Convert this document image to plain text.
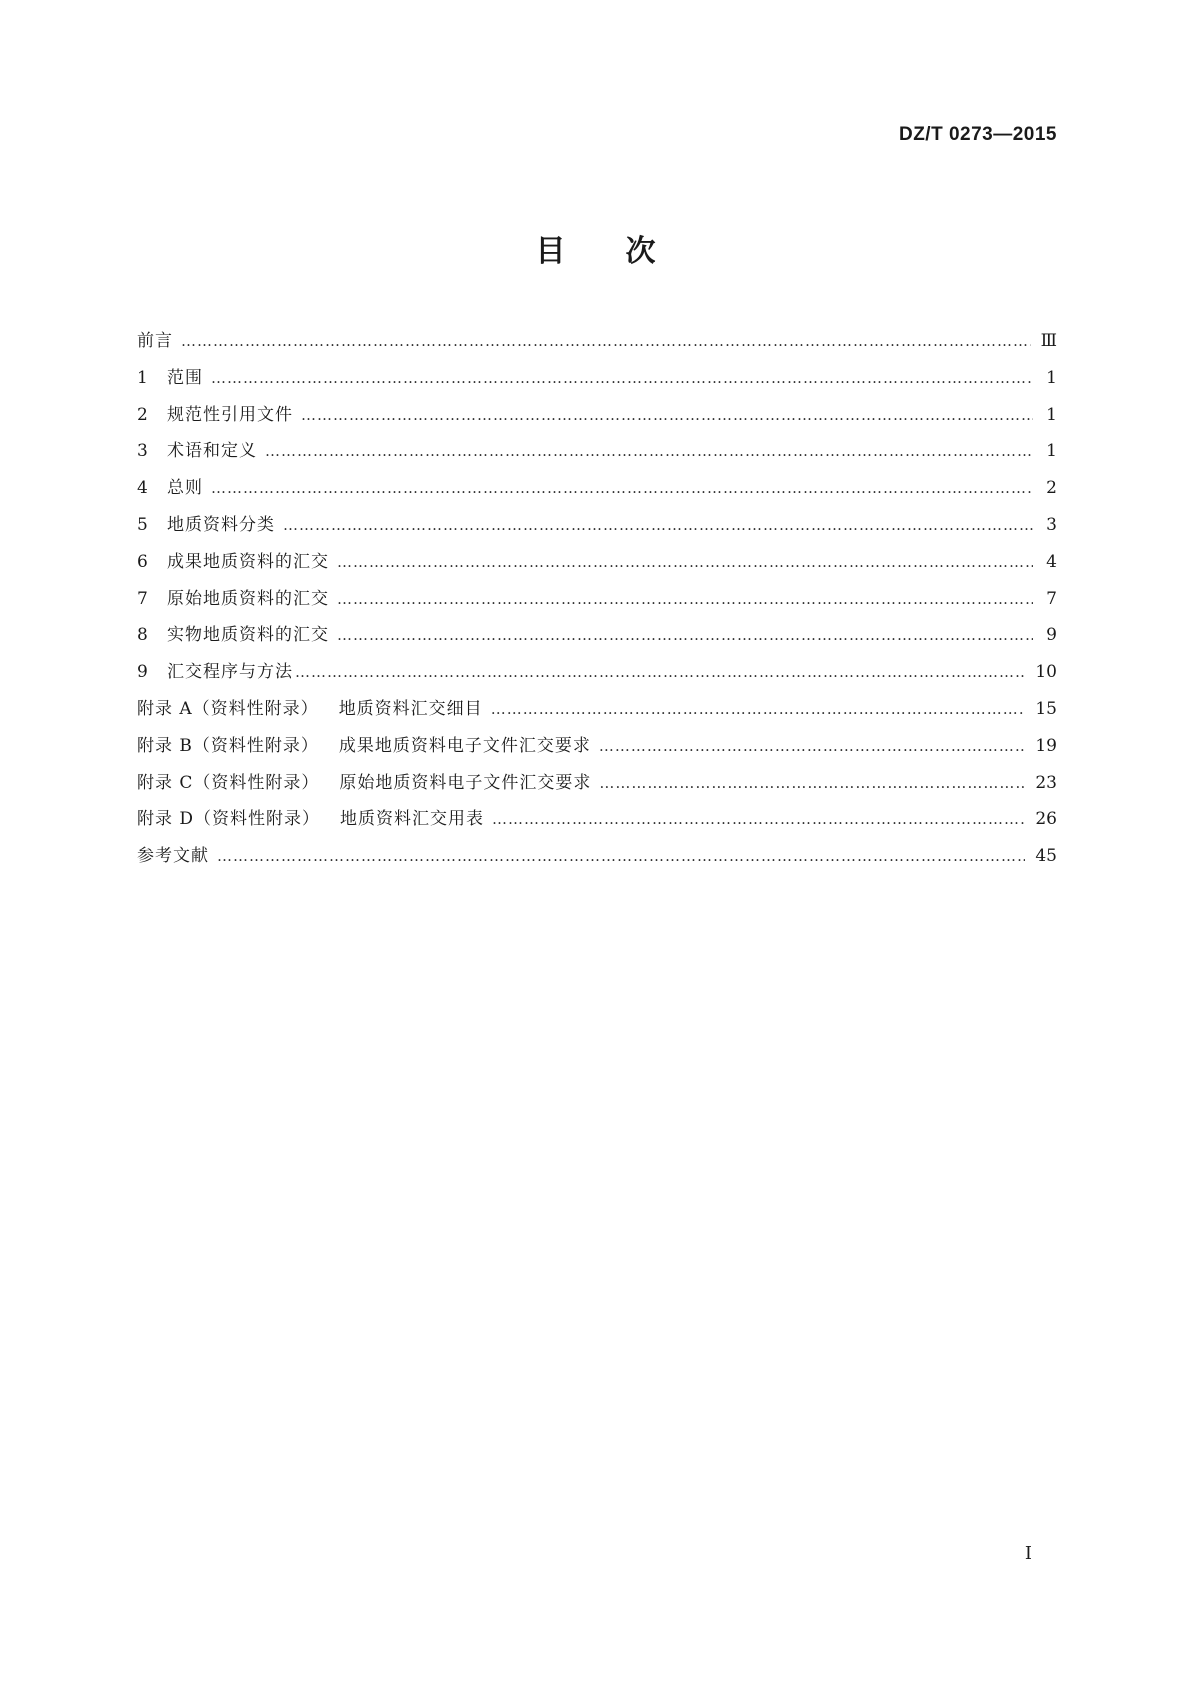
DZ/T 0273—2015
目 次
前言 …………………………………………………………………………………………………………………………………………………………………………	Ⅲ
1	范围 …………………………………………………………………………………………………………………………………………………………………………	1
2	规范性引用文件 …………………………………………………………………………………………………………………………………………………………………………	1
3	术语和定义 …………………………………………………………………………………………………………………………………………………………………………	1
4	总则 …………………………………………………………………………………………………………………………………………………………………………	2
5	地质资料分类 …………………………………………………………………………………………………………………………………………………………………………	3
6	成果地质资料的汇交 …………………………………………………………………………………………………………………………………………………………………………	4
7	原始地质资料的汇交 …………………………………………………………………………………………………………………………………………………………………………	7
8	实物地质资料的汇交 …………………………………………………………………………………………………………………………………………………………………………	9
9	汇交程序与方法 …………………………………………………………………………………………………………………………………………………………………………	10
附录 A（资料性附录） 地质资料汇交细目 …………………………………………………………………………………………………………………………………………………………………………	15
附录 B（资料性附录） 成果地质资料电子文件汇交要求 …………………………………………………………………………………………………………………………………………………………………………	19
附录 C（资料性附录） 原始地质资料电子文件汇交要求 …………………………………………………………………………………………………………………………………………………………………………	23
附录 D（资料性附录） 地质资料汇交用表 …………………………………………………………………………………………………………………………………………………………………………	26
参考文献 …………………………………………………………………………………………………………………………………………………………………………	45
I
